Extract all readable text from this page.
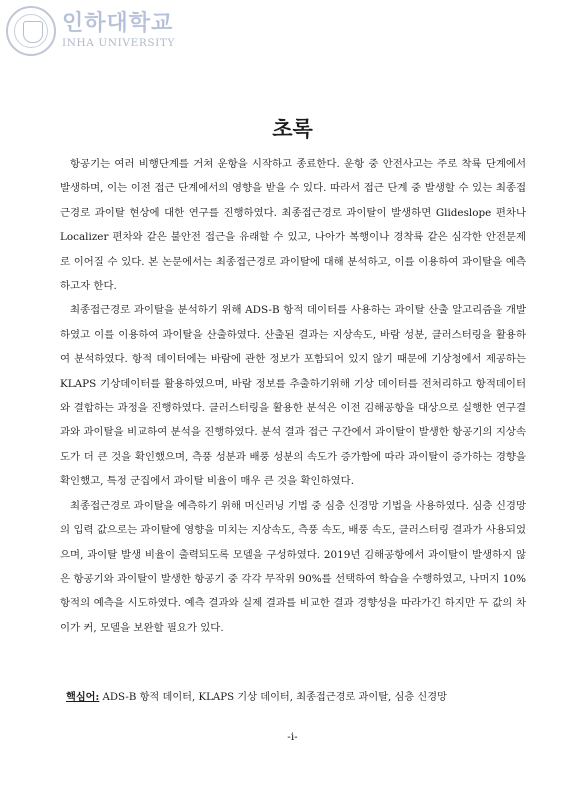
인하대학교
INHA UNIVERSITY
초록

항공기는 여러 비행단계를 거쳐 운항을 시작하고 종료한다. 운항 중 안전사고는 주로 착륙 단계에서 발생하며, 이는 이전 접근 단계에서의 영향을 받을 수 있다. 따라서 접근 단계 중 발생할 수 있는 최종접근경로 과이탈 현상에 대한 연구를 진행하였다. 최종접근경로 과이탈이 발생하면 Glideslope 편차나 Localizer 편차와 같은 불안전 접근을 유래할 수 있고, 나아가 복행이나 경착륙 같은 심각한 안전문제로 이어질 수 있다. 본 논문에서는 최종접근경로 과이탈에 대해 분석하고, 이를 이용하여 과이탈을 예측하고자 한다.

최종접근경로 과이탈을 분석하기 위해 ADS-B 항적 데이터를 사용하는 과이탈 산출 알고리즘을 개발하였고 이를 이용하여 과이탈을 산출하였다. 산출된 결과는 지상속도, 바람 성분, 클러스터링을 활용하여 분석하였다. 항적 데이터에는 바람에 관한 정보가 포함되어 있지 않기 때문에 기상청에서 제공하는 KLAPS 기상데이터를 활용하였으며, 바람 정보를 추출하기위해 기상 데이터를 전처리하고 항적데이터와 결합하는 과정을 진행하였다. 클러스터링을 활용한 분석은 이전 김해공항을 대상으로 실행한 연구결과와 과이탈을 비교하여 분석을 진행하였다. 분석 결과 접근 구간에서 과이탈이 발생한 항공기의 지상속도가 더 큰 것을 확인했으며, 측풍 성분과 배풍 성분의 속도가 증가함에 따라 과이탈이 증가하는 경향을 확인했고, 특정 군집에서 과이탈 비율이 매우 큰 것을 확인하였다.

최종접근경로 과이탈을 예측하기 위해 머신러닝 기법 중 심층 신경망 기법을 사용하였다. 심층 신경망의 입력 값으로는 과이탈에 영향을 미치는 지상속도, 측풍 속도, 배풍 속도, 클러스터링 결과가 사용되었으며, 과이탈 발생 비율이 출력되도록 모델을 구성하였다. 2019년 김해공항에서 과이탈이 발생하지 않은 항공기와 과이탈이 발생한 항공기 중 각각 무작위 90%를 선택하여 학습을 수행하였고, 나머지 10% 항적의 예측을 시도하였다. 예측 결과와 실제 결과를 비교한 결과 경향성을 따라가긴 하지만 두 값의 차이가 커, 모델을 보완할 필요가 있다.

핵심어: ADS-B 항적 데이터, KLAPS 기상 데이터, 최종접근경로 과이탈, 심층 신경망
-i-
